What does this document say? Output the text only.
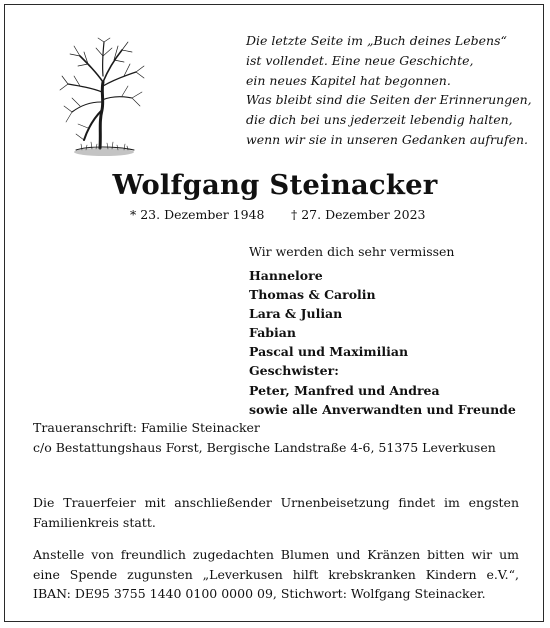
Die letzte Seite im „Buch deines Lebens“
ist vollendet. Eine neue Geschichte,
ein neues Kapitel hat begonnen.
Was bleibt sind die Seiten der Erinnerungen,
die dich bei uns jederzeit lebendig halten,
wenn wir sie in unseren Gedanken aufrufen.
Wolfgang Steinacker
* 23. Dezember 1948 † 27. Dezember 2023
Wir werden dich sehr vermissen
Hannelore
Thomas & Carolin
Lara & Julian
Fabian
Pascal und Maximilian
Geschwister:
Peter, Manfred und Andrea
sowie alle Anverwandten und Freunde
Traueranschrift: Familie Steinacker
c/o Bestattungshaus Forst, Bergische Landstraße 4-6, 51375 Leverkusen
Die Trauerfeier mit anschließender Urnenbeisetzung findet im engsten
Familienkreis statt.
Anstelle von freundlich zugedachten Blumen und Kränzen bitten wir um
eine Spende zugunsten „Leverkusen hilft krebskranken Kindern e.V.“,
IBAN: DE95 3755 1440 0100 0000 09, Stichwort: Wolfgang Steinacker.
